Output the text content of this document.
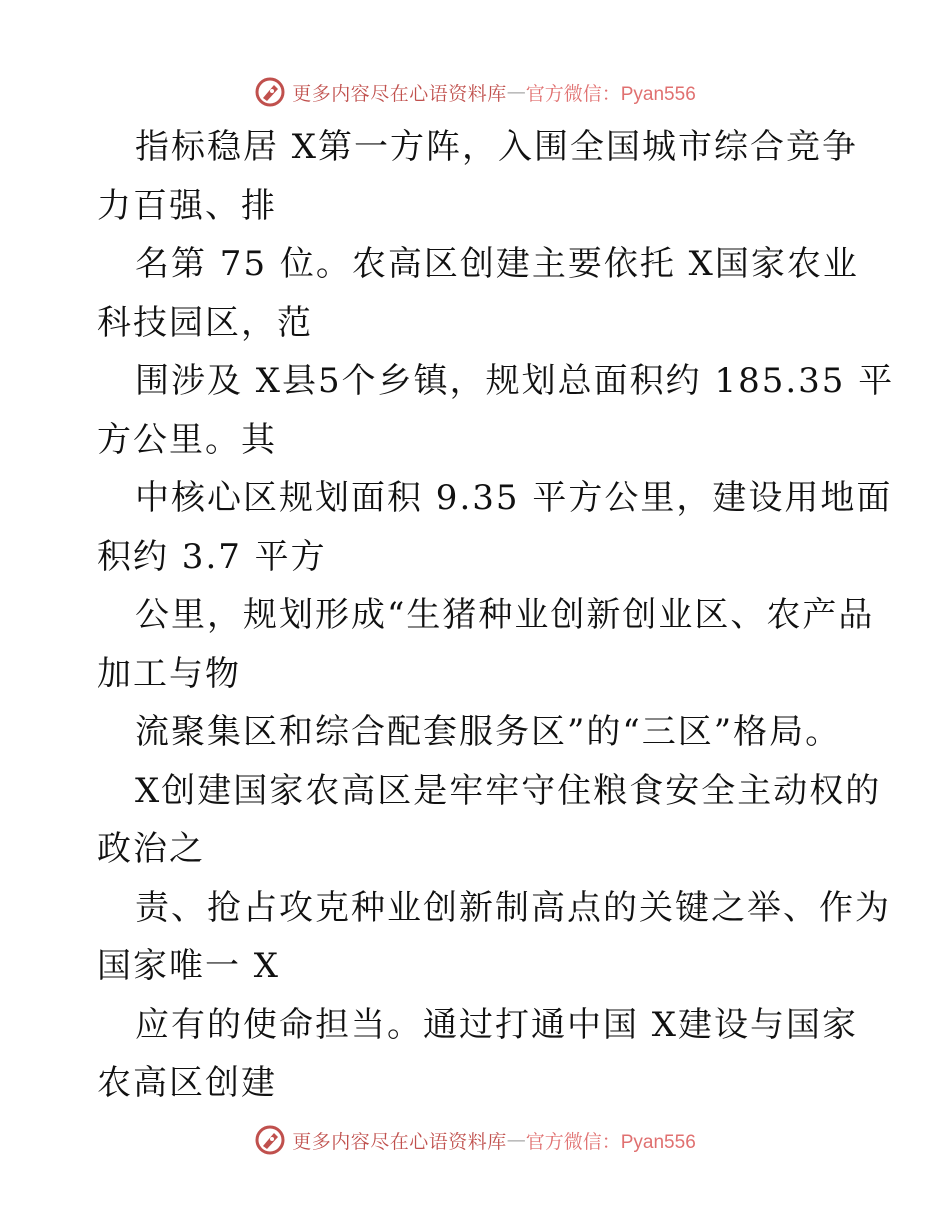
更多内容尽在心语资料库 — 官方微信：Pyan556
指标稳居 X第一方阵，入围全国城市综合竞争
力百强、排
名第 75 位。农高区创建主要依托 X国家农业
科技园区，范
围涉及 X县5个乡镇，规划总面积约 185.35 平
方公里。其
中核心区规划面积 9.35 平方公里，建设用地面
积约 3.7 平方
公里，规划形成“生猪种业创新创业区、农产品
加工与物
流聚集区和综合配套服务区”的“三区”格局。
X创建国家农高区是牢牢守住粮食安全主动权的
政治之
责、抢占攻克种业创新制高点的关键之举、作为
国家唯一 X
应有的使命担当。通过打通中国 X建设与国家
农高区创建
更多内容尽在心语资料库 — 官方微信：Pyan556
